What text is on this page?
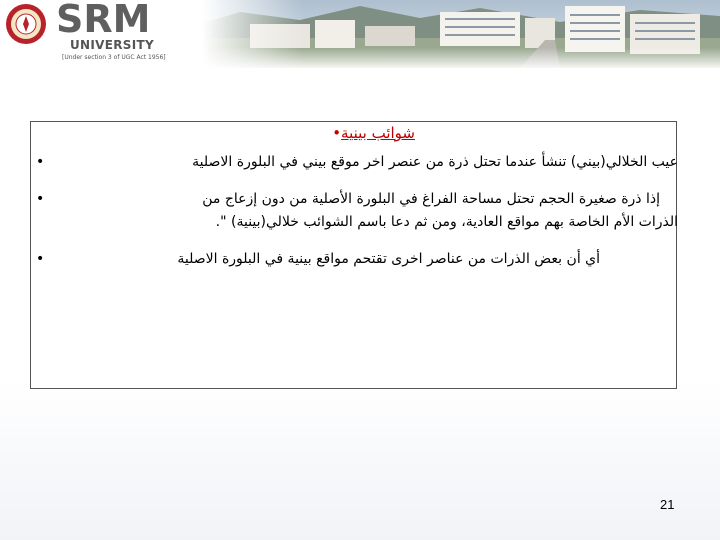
SRM
UNIVERSITY
[Under section 3 of UGC Act 1956]
شوائب بينية•
•	عيب الخلالي(بيني) تنشأ عندما تحتل ذرة من عنصر اخر موقع بيني في البلورة الاصلية
•	إذا ذرة صغيرة الحجم تحتل مساحة الفراغ في البلورة الأصلية من دون إزعاج من
الذرات الأم الخاصة بهم مواقع العادية، ومن ثم دعا باسم الشوائب خلالي(بينية) ".
•	أي أن بعض الذرات من عناصر اخرى تقتحم مواقع بينية في البلورة الاصلية
21
